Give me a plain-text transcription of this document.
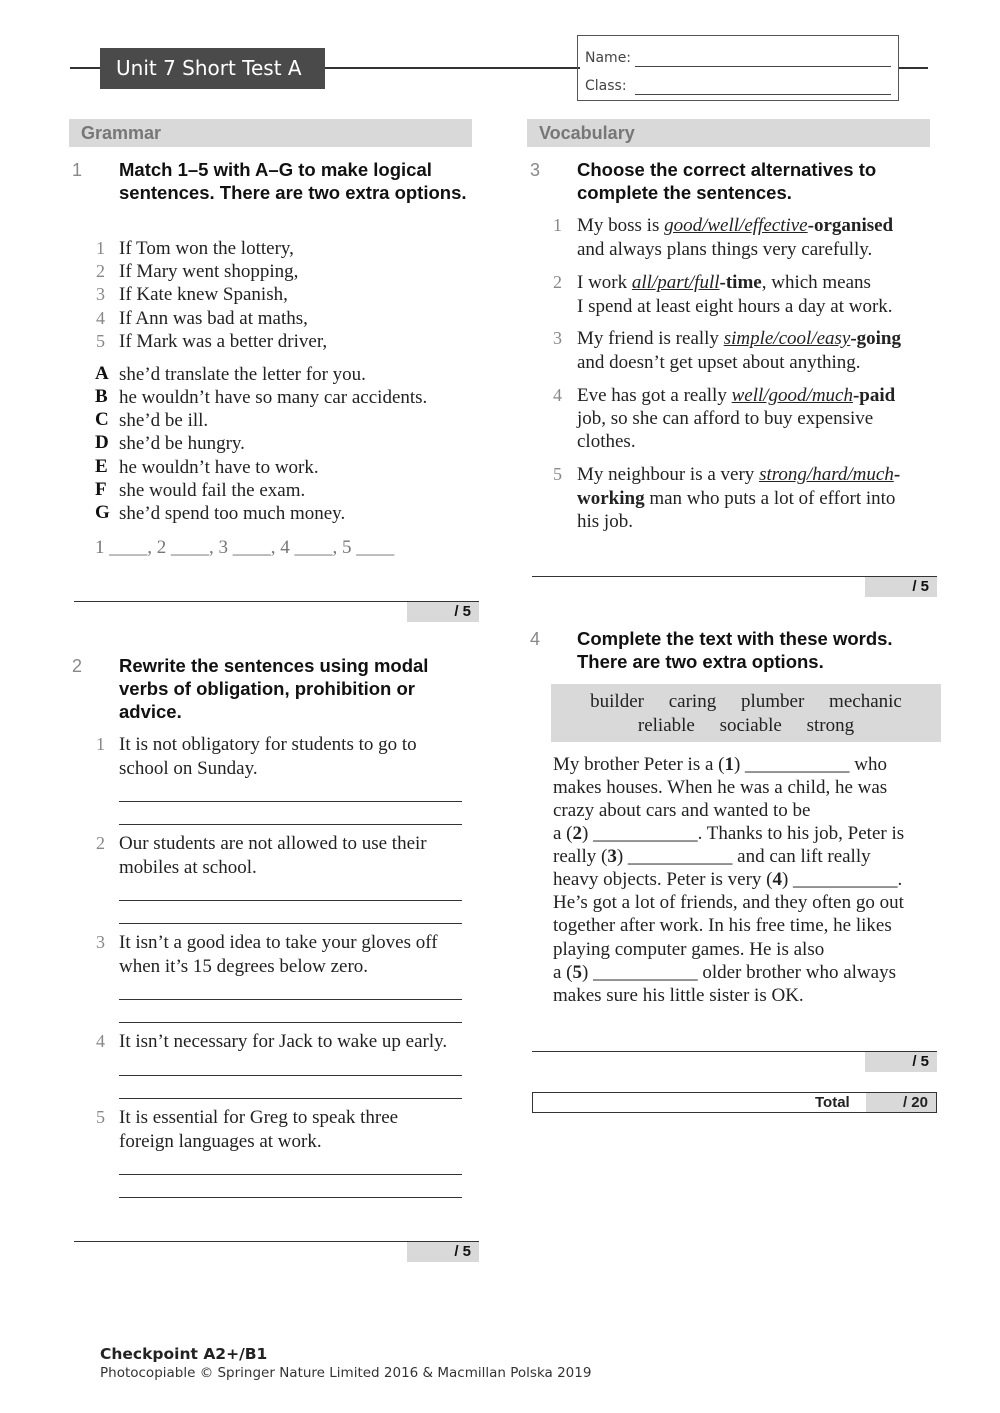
Unit 7 Short Test A	Name:
Class:
Grammar	Vocabulary
1 Match 1–5 with A–G to make logical sentences. There are two extra options.
1 If Tom won the lottery,
2 If Mary went shopping,
3 If Kate knew Spanish,
4 If Ann was bad at maths,
5 If Mark was a better driver,
A she’d translate the letter for you.
B he wouldn’t have so many car accidents.
C she’d be ill.
D she’d be hungry.
E he wouldn’t have to work.
F she would fail the exam.
G she’d spend too much money.
1 ____, 2 ____, 3 ____, 4 ____, 5 ____
/ 5
2 Rewrite the sentences using modal verbs of obligation, prohibition or advice.
1 It is not obligatory for students to go to
school on Sunday.
2 Our students are not allowed to use their
mobiles at school.
3 It isn’t a good idea to take your gloves off
when it’s 15 degrees below zero.
4 It isn’t necessary for Jack to wake up early.
5 It is essential for Greg to speak three
foreign languages at work.
/ 5
3 Choose the correct alternatives to complete the sentences.
1 My boss is good/well/effective-organised
and always plans things very carefully.
2 I work all/part/full-time, which means
I spend at least eight hours a day at work.
3 My friend is really simple/cool/easy-going
and doesn’t get upset about anything.
4 Eve has got a really well/good/much-paid
job, so she can afford to buy expensive
clothes.
5 My neighbour is a very strong/hard/much-
working man who puts a lot of effort into
his job.
/ 5
4 Complete the text with these words. There are two extra options.
builder caring plumber mechanic
reliable sociable strong
My brother Peter is a (1) ___________ who
makes houses. When he was a child, he was
crazy about cars and wanted to be
a (2) ___________. Thanks to his job, Peter is
really (3) ___________ and can lift really
heavy objects. Peter is very (4) ___________.
He’s got a lot of friends, and they often go out
together after work. In his free time, he likes
playing computer games. He is also
a (5) ___________ older brother who always
makes sure his little sister is OK.
/ 5
Total	/ 20
Checkpoint A2+/B1
Photocopiable © Springer Nature Limited 2016 & Macmillan Polska 2019
